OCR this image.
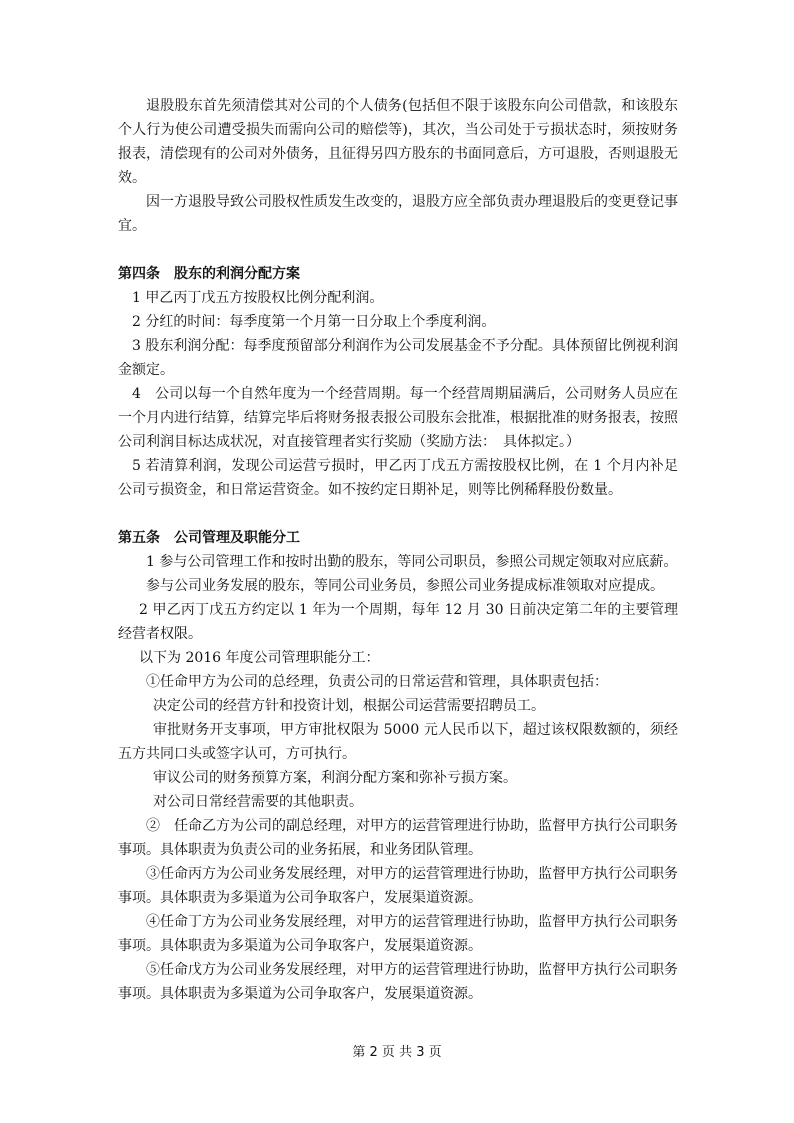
退股股东首先须清偿其对公司的个人债务(包括但不限于该股东向公司借款，和该股东个人行为使公司遭受损失而需向公司的赔偿等)，其次，当公司处于亏损状态时，须按财务报表，清偿现有的公司对外债务，且征得另四方股东的书面同意后，方可退股，否则退股无效。

因一方退股导致公司股权性质发生改变的，退股方应全部负责办理退股后的变更登记事宜。

第四条　股东的利润分配方案

1 甲乙丙丁戊五方按股权比例分配利润。

2 分红的时间：每季度第一个月第一日分取上个季度利润。

3 股东利润分配：每季度预留部分利润作为公司发展基金不予分配。具体预留比例视利润金额定。

4　公司以每一个自然年度为一个经营周期。每一个经营周期届满后，公司财务人员应在一个月内进行结算，结算完毕后将财务报表报公司股东会批准，根据批准的财务报表，按照公司利润目标达成状况，对直接管理者实行奖励（奖励方法：　具体拟定。）

5 若清算利润，发现公司运营亏损时，甲乙丙丁戊五方需按股权比例，在 1 个月内补足公司亏损资金，和日常运营资金。如不按约定日期补足，则等比例稀释股份数量。

第五条　公司管理及职能分工

1 参与公司管理工作和按时出勤的股东，等同公司职员，参照公司规定领取对应底薪。

参与公司业务发展的股东，等同公司业务员，参照公司业务提成标准领取对应提成。

2 甲乙丙丁戊五方约定以 1 年为一个周期，每年 12 月 30 日前决定第二年的主要管理经营者权限。

以下为 2016 年度公司管理职能分工：

①任命甲方为公司的总经理，负责公司的日常运营和管理，具体职责包括：

决定公司的经营方针和投资计划，根据公司运营需要招聘员工。

审批财务开支事项，甲方审批权限为 5000 元人民币以下，超过该权限数额的，须经五方共同口头或签字认可，方可执行。

审议公司的财务预算方案，利润分配方案和弥补亏损方案。

对公司日常经营需要的其他职责。

②　任命乙方为公司的副总经理，对甲方的运营管理进行协助，监督甲方执行公司职务事项。具体职责为负责公司的业务拓展，和业务团队管理。

③任命丙方为公司业务发展经理，对甲方的运营管理进行协助，监督甲方执行公司职务事项。具体职责为多渠道为公司争取客户，发展渠道资源。

④任命丁方为公司业务发展经理，对甲方的运营管理进行协助，监督甲方执行公司职务事项。具体职责为多渠道为公司争取客户，发展渠道资源。

⑤任命戊方为公司业务发展经理，对甲方的运营管理进行协助，监督甲方执行公司职务事项。具体职责为多渠道为公司争取客户，发展渠道资源。

第 2 页 共 3 页
